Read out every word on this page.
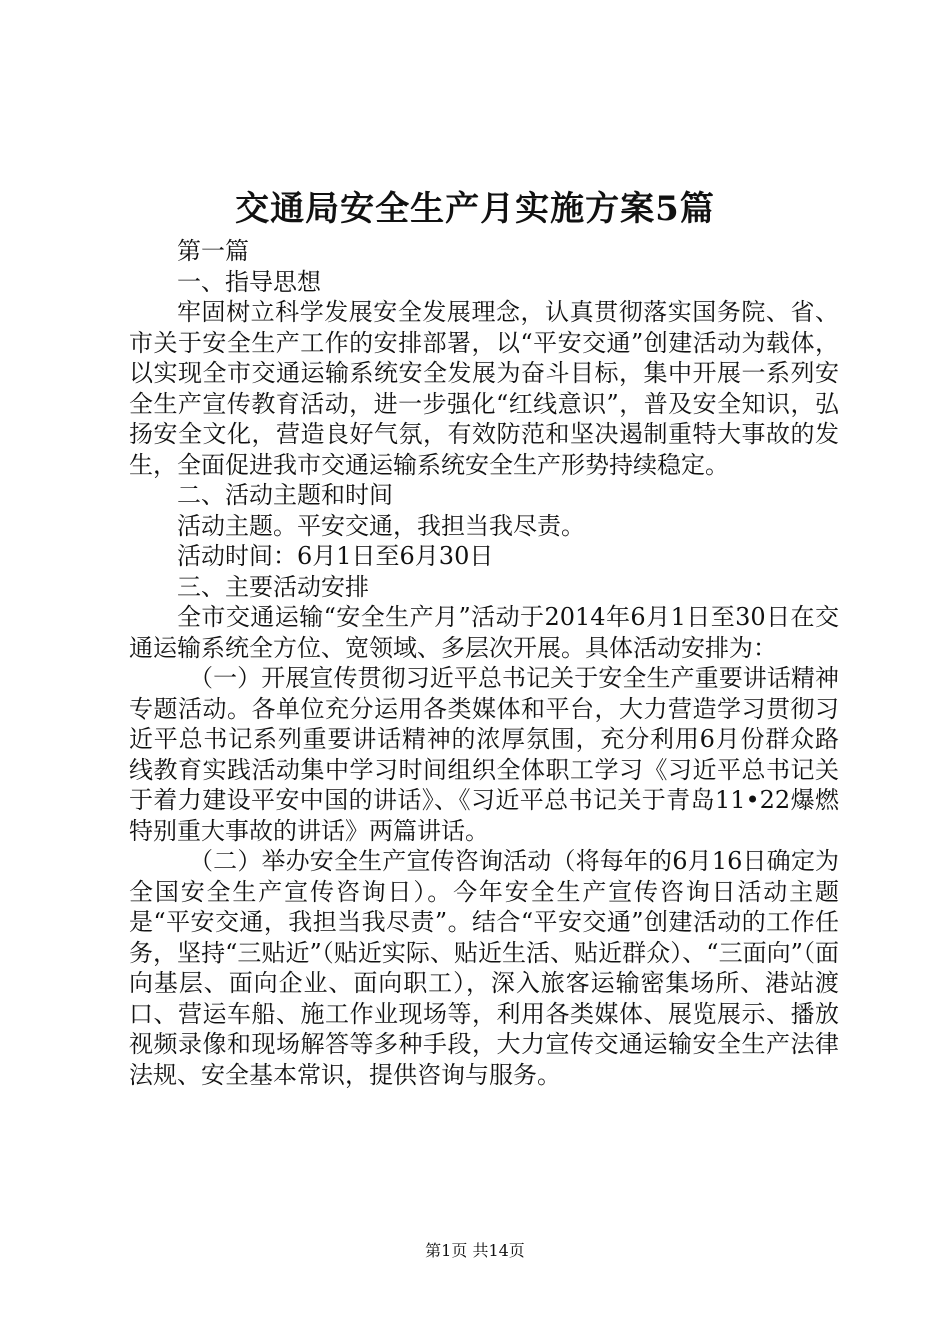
交通局安全生产月实施方案5篇

第一篇

一、指导思想

牢固树立科学发展安全发展理念，认真贯彻落实国务院、省、市关于安全生产工作的安排部署，以“平安交通”创建活动为载体，以实现全市交通运输系统安全发展为奋斗目标，集中开展一系列安全生产宣传教育活动，进一步强化“红线意识”，普及安全知识，弘扬安全文化，营造良好气氛，有效防范和坚决遏制重特大事故的发生，全面促进我市交通运输系统安全生产形势持续稳定。

二、活动主题和时间

活动主题。平安交通，我担当我尽责。

活动时间：6月1日至6月30日

三、主要活动安排

全市交通运输“安全生产月”活动于2014年6月1日至30日在交通运输系统全方位、宽领域、多层次开展。具体活动安排为：

（一）开展宣传贯彻习近平总书记关于安全生产重要讲话精神专题活动。各单位充分运用各类媒体和平台，大力营造学习贯彻习近平总书记系列重要讲话精神的浓厚氛围，充分利用6月份群众路线教育实践活动集中学习时间组织全体职工学习《习近平总书记关于着力建设平安中国的讲话》、《习近平总书记关于青岛11•22爆燃特别重大事故的讲话》两篇讲话。

（二）举办安全生产宣传咨询活动（将每年的6月16日确定为全国安全生产宣传咨询日）。今年安全生产宣传咨询日活动主题是“平安交通，我担当我尽责”。结合“平安交通”创建活动的工作任务，坚持“三贴近”（贴近实际、贴近生活、贴近群众）、“三面向”（面向基层、面向企业、面向职工），深入旅客运输密集场所、港站渡口、营运车船、施工作业现场等，利用各类媒体、展览展示、播放视频录像和现场解答等多种手段，大力宣传交通运输安全生产法律法规、安全基本常识，提供咨询与服务。

第1页 共14页
